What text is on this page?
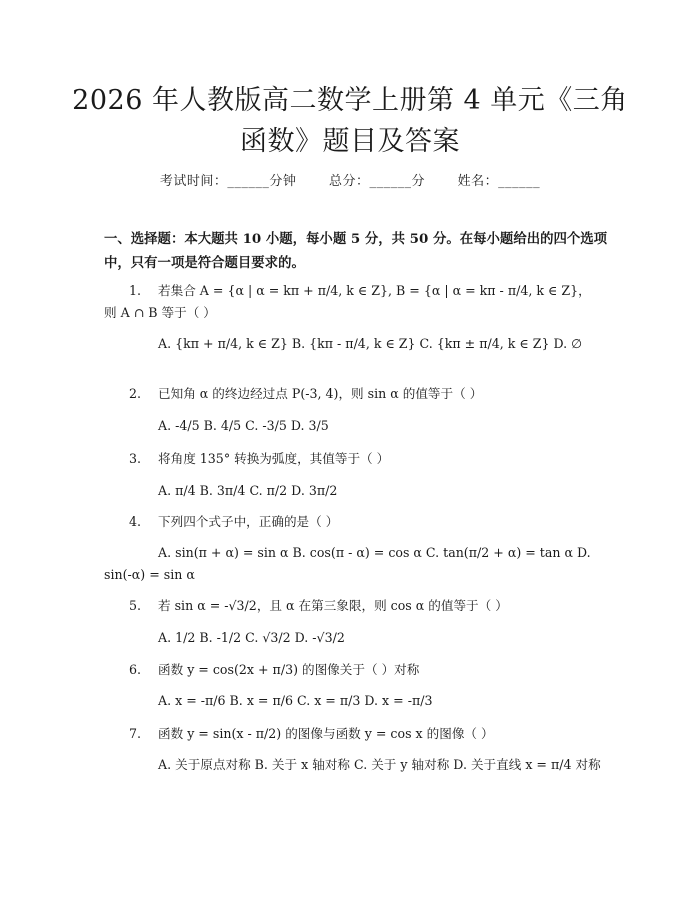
2026 年人教版高二数学上册第 4 单元《三角
函数》题目及答案
考试时间：______分钟	总分：______分	姓名：______
一、选择题：本大题共 10 小题，每小题 5 分，共 50 分。在每小题给出的四个选项中，只有一项是符合题目要求的。
1. 若集合 A = {α | α = kπ + π/4, k ∈ Z}, B = {α | α = kπ - π/4, k ∈ Z}，则 A ∩ B 等于（ ）
A. {kπ + π/4, k ∈ Z} B. {kπ - π/4, k ∈ Z} C. {kπ ± π/4, k ∈ Z} D. ∅
2. 已知角 α 的终边经过点 P(-3, 4)，则 sin α 的值等于（ ）
A. -4/5 B. 4/5 C. -3/5 D. 3/5
3. 将角度 135° 转换为弧度，其值等于（ ）
A. π/4 B. 3π/4 C. π/2 D. 3π/2
4. 下列四个式子中，正确的是（ ）
A. sin(π + α) = sin α B. cos(π - α) = cos α C. tan(π/2 + α) = tan α D. sin(-α) = sin α
5. 若 sin α = -√3/2，且 α 在第三象限，则 cos α 的值等于（ ）
A. 1/2 B. -1/2 C. √3/2 D. -√3/2
6. 函数 y = cos(2x + π/3) 的图像关于（ ）对称
A. x = -π/6 B. x = π/6 C. x = π/3 D. x = -π/3
7. 函数 y = sin(x - π/2) 的图像与函数 y = cos x 的图像（ ）
A. 关于原点对称 B. 关于 x 轴对称 C. 关于 y 轴对称 D. 关于直线 x = π/4 对称
